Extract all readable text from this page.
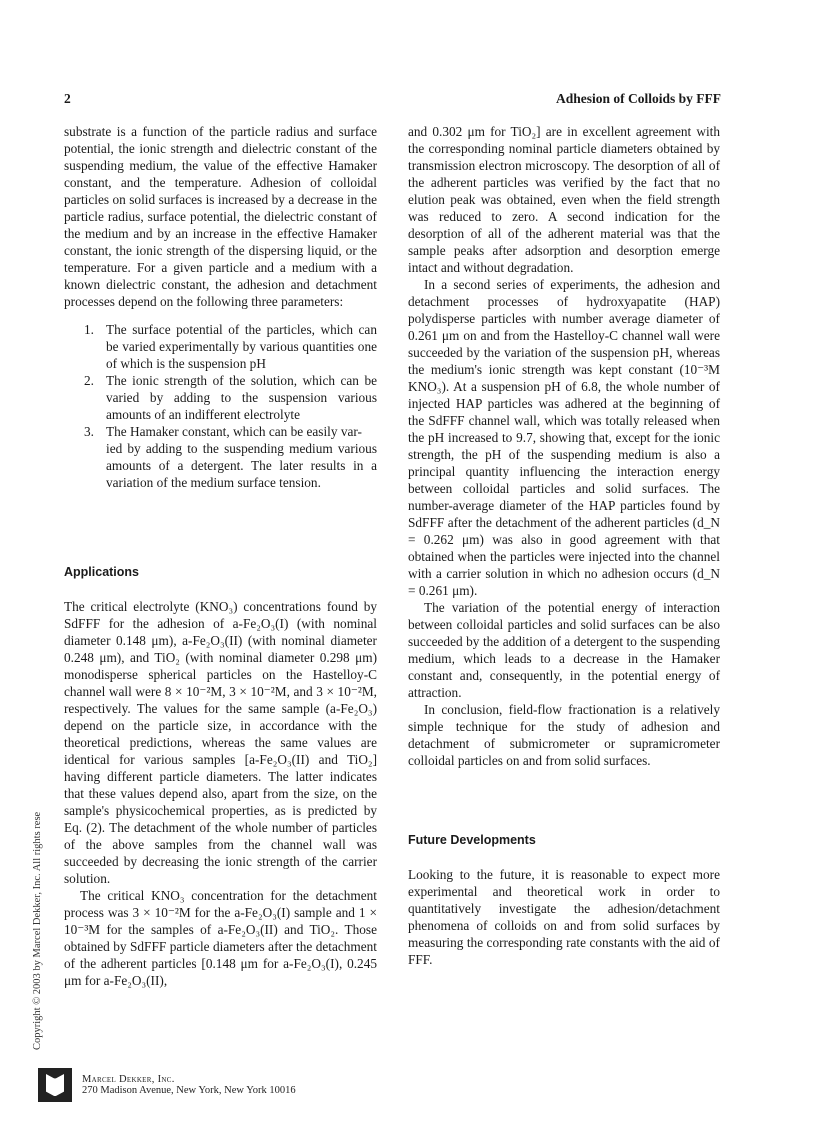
2	Adhesion of Colloids by FFF

substrate is a function of the particle radius and surface potential, the ionic strength and dielectric constant of the suspending medium, the value of the effective Hamaker constant, and the temperature. Adhesion of colloidal particles on solid surfaces is increased by a decrease in the particle radius, surface potential, the dielectric constant of the medium and by an increase in the effective Hamaker constant, the ionic strength of the dispersing liquid, or the temperature. For a given particle and a medium with a known dielectric constant, the adhesion and detachment processes depend on the following three parameters:

1. The surface potential of the particles, which can be varied experimentally by various quantities one of which is the suspension pH
2. The ionic strength of the solution, which can be varied by adding to the suspension various amounts of an indifferent electrolyte
3. The Hamaker constant, which can be easily var-
ied by adding to the suspending medium various amounts of a detergent. The later results in a variation of the medium surface tension.
Applications

The critical electrolyte (KNO₃) concentrations found by SdFFF for the adhesion of a-Fe₂O₃(I) (with nominal diameter 0.148 μm), a-Fe₂O₃(II) (with nominal diameter 0.248 μm), and TiO₂ (with nominal diameter 0.298 μm) monodisperse spherical particles on the Hastelloy-C channel wall were 8 × 10⁻²M, 3 × 10⁻²M, and 3 × 10⁻²M, respectively. The values for the same sample (a-Fe₂O₃) depend on the particle size, in accordance with the theoretical predictions, whereas the same values are identical for various samples [a-Fe₂O₃(II) and TiO₂] having different particle diameters. The latter indicates that these values depend also, apart from the size, on the sample's physicochemical properties, as is predicted by Eq. (2). The detachment of the whole number of particles of the above samples from the channel wall was succeeded by decreasing the ionic strength of the carrier solution.

The critical KNO₃ concentration for the detachment process was 3 × 10⁻²M for the a-Fe₂O₃(I) sample and 1 × 10⁻³M for the samples of a-Fe₂O₃(II) and TiO₂. Those obtained by SdFFF particle diameters after the detachment of the adherent particles [0.148 μm for a-Fe₂O₃(I), 0.245 μm for a-Fe₂O₃(II),

and 0.302 μm for TiO₂] are in excellent agreement with the corresponding nominal particle diameters obtained by transmission electron microscopy. The desorption of all of the adherent particles was verified by the fact that no elution peak was obtained, even when the field strength was reduced to zero. A second indication for the desorption of all of the adherent material was that the sample peaks after adsorption and desorption emerge intact and without degradation.

In a second series of experiments, the adhesion and detachment processes of hydroxyapatite (HAP) polydisperse particles with number average diameter of 0.261 μm on and from the Hastelloy-C channel wall were succeeded by the variation of the suspension pH, whereas the medium's ionic strength was kept constant (10⁻³M KNO₃). At a suspension pH of 6.8, the whole number of injected HAP particles was adhered at the beginning of the SdFFF channel wall, which was totally released when the pH increased to 9.7, showing that, except for the ionic strength, the pH of the suspending medium is also a principal quantity influencing the interaction energy between colloidal particles and solid surfaces. The number-average diameter of the HAP particles found by SdFFF after the detachment of the adherent particles (d_N = 0.262 μm) was also in good agreement with that obtained when the particles were injected into the channel with a carrier solution in which no adhesion occurs (d_N = 0.261 μm).

The variation of the potential energy of interaction between colloidal particles and solid surfaces can be also succeeded by the addition of a detergent to the suspending medium, which leads to a decrease in the Hamaker constant and, consequently, in the potential energy of attraction.

In conclusion, field-flow fractionation is a relatively simple technique for the study of adhesion and detachment of submicrometer or supramicrometer colloidal particles on and from solid surfaces.

Future Developments

Looking to the future, it is reasonable to expect more experimental and theoretical work in order to quantitatively investigate the adhesion/detachment phenomena of colloids on and from solid surfaces by measuring the corresponding rate constants with the aid of FFF.

Copyright © 2003 by Marcel Dekker, Inc. All rights rese
Marcel Dekker, Inc.
270 Madison Avenue, New York, New York 10016
